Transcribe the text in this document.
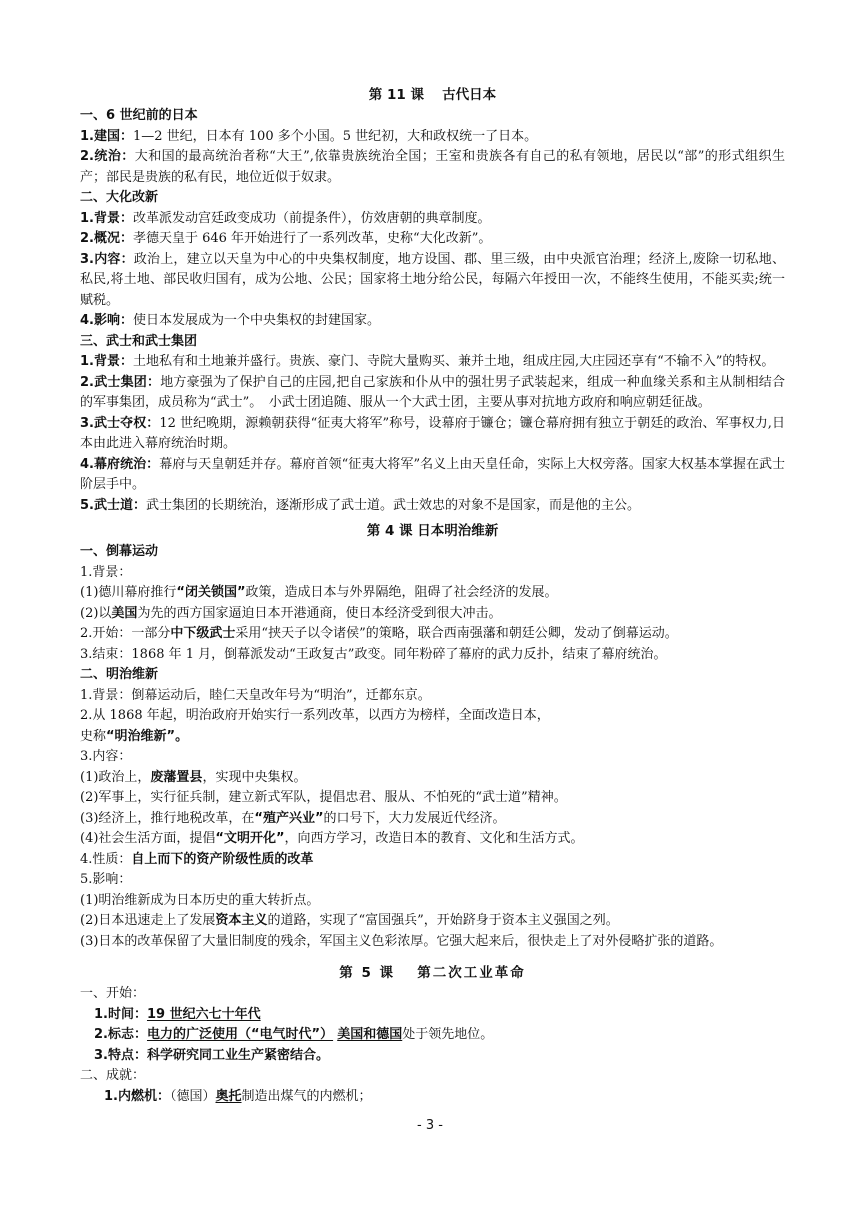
第 11 课　 古代日本
一、6 世纪前的日本
1.建国：1—2 世纪，日本有 100 多个小国。5 世纪初，大和政权统一了日本。
2.统治：大和国的最高统治者称“大王”,依靠贵族统治全国；王室和贵族各有自己的私有领地，居民以“部”的形式组织生产；部民是贵族的私有民，地位近似于奴隶。
二、大化改新
1.背景：改革派发动宫廷政变成功（前提条件），仿效唐朝的典章制度。
2.概况：孝德天皇于 646 年开始进行了一系列改革，史称“大化改新”。
3.内容：政治上，建立以天皇为中心的中央集权制度，地方设国、郡、里三级，由中央派官治理；经济上,废除一切私地、私民,将土地、部民收归国有，成为公地、公民；国家将土地分给公民，每隔六年授田一次，不能终生使用，不能买卖;统一赋税。
4.影响：使日本发展成为一个中央集权的封建国家。
三、武士和武士集团
1.背景：土地私有和土地兼并盛行。贵族、豪门、寺院大量购买、兼并土地，组成庄园,大庄园还享有“不输不入”的特权。
2.武士集团：地方豪强为了保护自己的庄园,把自己家族和仆从中的强壮男子武装起来，组成一种血缘关系和主从制相结合的军事集团，成员称为“武士”。　小武士团追随、服从一个大武士团，主要从事对抗地方政府和响应朝廷征战。
3.武士夺权：12 世纪晚期，源赖朝获得“征夷大将军”称号，设幕府于镰仓；镰仓幕府拥有独立于朝廷的政治、军事权力,日本由此进入幕府统治时期。
4.幕府统治：幕府与天皇朝廷并存。幕府首领“征夷大将军”名义上由天皇任命，实际上大权旁落。国家大权基本掌握在武士阶层手中。
5.武士道：武士集团的长期统治，逐渐形成了武士道。武士效忠的对象不是国家，而是他的主公。
第 4 课 日本明治维新
一、倒幕运动
1.背景：
(1)德川幕府推行“闭关锁国”政策，造成日本与外界隔绝，阻碍了社会经济的发展。
(2)以美国为先的西方国家逼迫日本开港通商，使日本经济受到很大冲击。
2.开始：一部分中下级武士采用“挟天子以令诸侯”的策略，联合西南强藩和朝廷公卿，发动了倒幕运动。
3.结束：1868 年 1 月，倒幕派发动“王政复古”政变。同年粉碎了幕府的武力反扑，结束了幕府统治。
二、明治维新
1.背景：倒幕运动后，睦仁天皇改年号为“明治”，迁都东京。
2.从 1868 年起，明治政府开始实行一系列改革，以西方为榜样，全面改造日本，
史称“明治维新”。
3.内容：
(1)政治上，废藩置县，实现中央集权。
(2)军事上，实行征兵制，建立新式军队，提倡忠君、服从、不怕死的“武士道”精神。
(3)经济上，推行地税改革，在“殖产兴业”的口号下，大力发展近代经济。
(4)社会生活方面，提倡“文明开化”，向西方学习，改造日本的教育、文化和生活方式。
4.性质：自上而下的资产阶级性质的改革
5.影响：
(1)明治维新成为日本历史的重大转折点。
(2)日本迅速走上了发展资本主义的道路，实现了“富国强兵”，开始跻身于资本主义强国之列。
(3)日本的改革保留了大量旧制度的残余，军国主义色彩浓厚。它强大起来后，很快走上了对外侵略扩张的道路。
第 5 课　 第二次工业革命
一、开始：
1.时间：19 世纪六七十年代
2.标志：电力的广泛使用（“电气时代”） 美国和德国处于领先地位。
3.特点：科学研究同工业生产紧密结合。
二、成就：
1.内燃机：（德国）奥托制造出煤气的内燃机；
- 3 -
